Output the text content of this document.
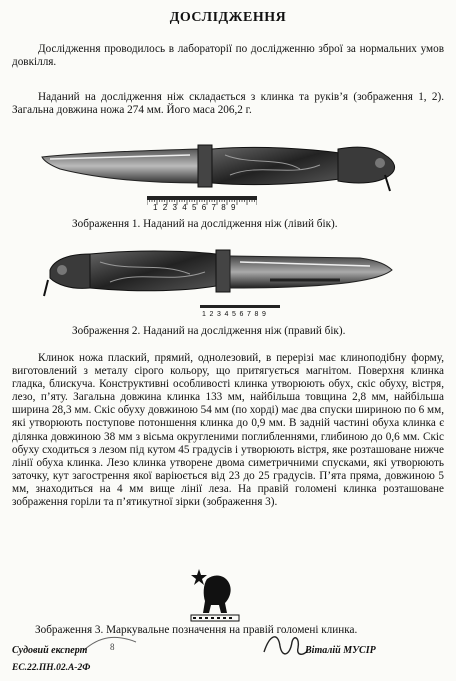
ДОСЛІДЖЕННЯ

Дослідження проводилось в лабораторії по дослідженню зброї за нормальних умов довкілля.

Наданий на дослідження ніж складається з клинка та руків’я (зображення 1, 2). Загальна довжина ножа 274 мм. Його маса 206,2 г.

123456789
Зображення 1. Наданий на дослідження ніж (лівий бік).
123456789
Зображення 2. Наданий на дослідження ніж (правий бік).

Клинок ножа плаский, прямий, однолезовий, в перерізі має клиноподібну форму, виготовлений з металу сірого кольору, що притягується магнітом. Поверхня клинка гладка, блискуча. Конструктивні особливості клинка утворюють обух, скіс обуху, вістря, лезо, п’яту. Загальна довжина клинка 133 мм, найбільша товщина 2,8 мм, найбільша ширина 28,3 мм. Скіс обуху довжиною 54 мм (по хорді) має два спуски шириною по 6 мм, які утворюють поступове потоншення клинка до 0,9 мм. В задній частині обуха клинка є ділянка довжиною 38 мм з вісьма округленими поглибленнями, глибиною до 0,6 мм. Скіс обуху сходиться з лезом під кутом 45 градусів і утворюють вістря, яке розташоване нижче лінії обуха клинка. Лезо клинка утворене двома симетричними спусками, які утворюють заточку, кут загострення якої варіюється від 23 до 25 градусів. П’ята пряма, довжиною 5 мм, знаходиться на 4 мм вище лінії леза. На правій голомені клинка розташоване зображення горіли та п’ятикутної зірки (зображення 3).

Зображення 3. Маркувальне позначення на правій голомені клинка.
8
Судовий експерт	Віталій МУСІР
ЕС.22.ПН.02.А-2Ф
